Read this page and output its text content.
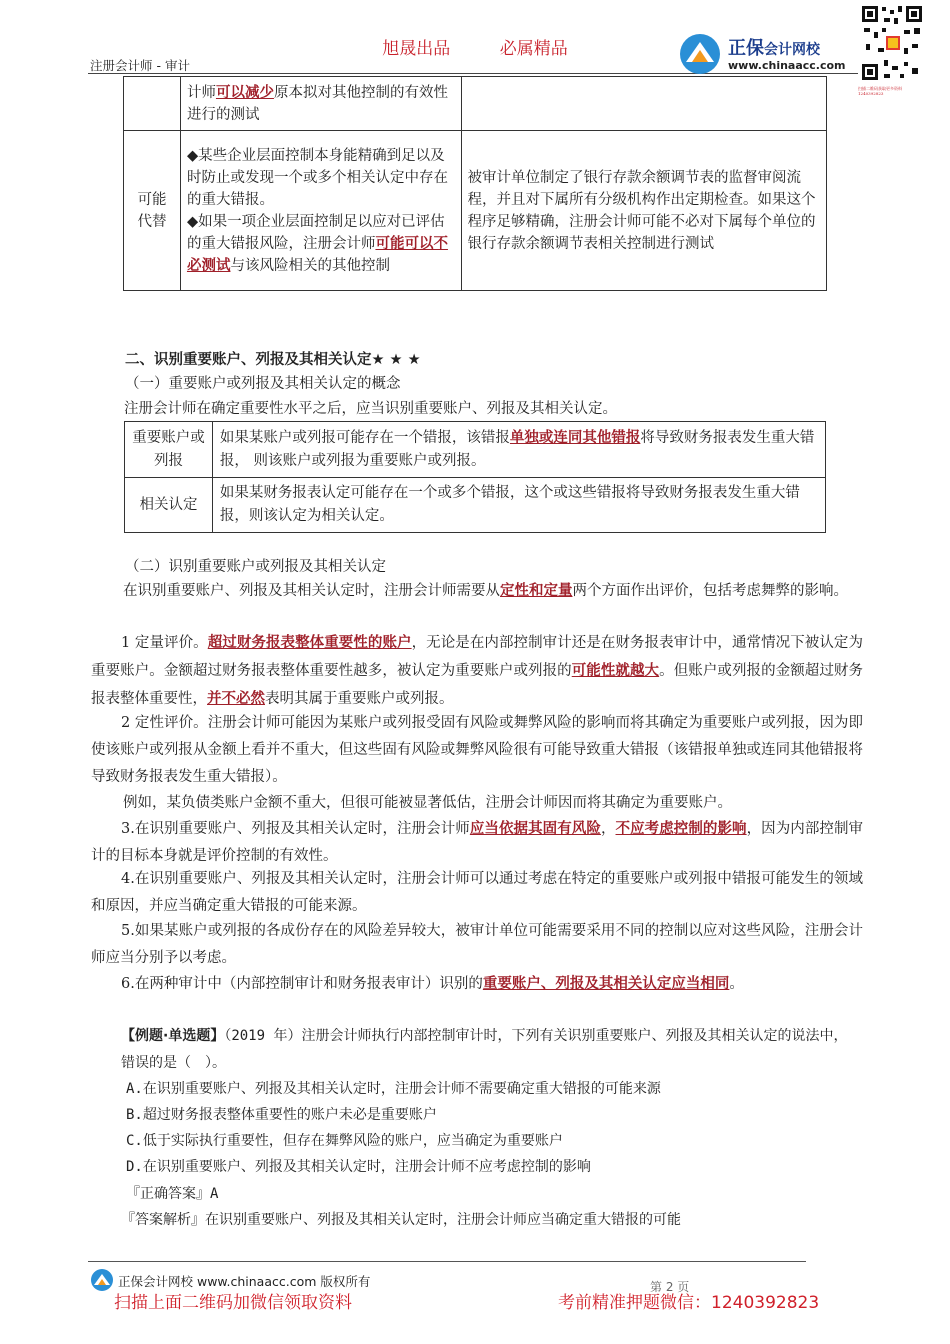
旭晟出品	必属精品
注册会计师 - 审计
正保会计网校
www.chinaacc.com
扫描二维码获取更多资料 1240392823
	计师可以减少原本拟对其他控制的有效性进行的测试	
可能代替	◆某些企业层面控制本身能精确到足以及时防止或发现一个或多个相关认定中存在的重大错报。
◆如果一项企业层面控制足以应对已评估的重大错报风险，注册会计师可能可以不必测试与该风险相关的其他控制	被审计单位制定了银行存款余额调节表的监督审阅流程，并且对下属所有分级机构作出定期检查。如果这个程序足够精确，注册会计师可能不必对下属每个单位的银行存款余额调节表相关控制进行测试
二、识别重要账户、列报及其相关认定★ ★ ★
（一）重要账户或列报及其相关认定的概念
注册会计师在确定重要性水平之后，应当识别重要账户、列报及其相关认定。
重要账户或列报	如果某账户或列报可能存在一个错报，该错报单独或连同其他错报将导致财务报表发生重大错报， 则该账户或列报为重要账户或列报。
相关认定	如果某财务报表认定可能存在一个或多个错报，这个或这些错报将导致财务报表发生重大错报，则该认定为相关认定。
（二）识别重要账户或列报及其相关认定
在识别重要账户、列报及其相关认定时，注册会计师需要从定性和定量两个方面作出评价，包括考虑舞弊的影响。
1 定量评价。超过财务报表整体重要性的账户，无论是在内部控制审计还是在财务报表审计中，通常情况下被认定为重要账户。金额超过财务报表整体重要性越多，被认定为重要账户或列报的可能性就越大。但账户或列报的金额超过财务报表整体重要性，并不必然表明其属于重要账户或列报。
2 定性评价。注册会计师可能因为某账户或列报受固有风险或舞弊风险的影响而将其确定为重要账户或列报，因为即使该账户或列报从金额上看并不重大，但这些固有风险或舞弊风险很有可能导致重大错报（该错报单独或连同其他错报将导致财务报表发生重大错报）。
例如，某负债类账户金额不重大，但很可能被显著低估，注册会计师因而将其确定为重要账户。
3.在识别重要账户、列报及其相关认定时，注册会计师应当依据其固有风险，不应考虑控制的影响，因为内部控制审计的目标本身就是评价控制的有效性。
4.在识别重要账户、列报及其相关认定时，注册会计师可以通过考虑在特定的重要账户或列报中错报可能发生的领域和原因，并应当确定重大错报的可能来源。
5.如果某账户或列报的各成份存在的风险差异较大，被审计单位可能需要采用不同的控制以应对这些风险，注册会计师应当分别予以考虑。
6.在两种审计中（内部控制审计和财务报表审计）识别的重要账户、列报及其相关认定应当相同。
【例题·单选题】（2019 年）注册会计师执行内部控制审计时，下列有关识别重要账户、列报及其相关认定的说法中，错误的是（　）。
A.在识别重要账户、列报及其相关认定时，注册会计师不需要确定重大错报的可能来源
B.超过财务报表整体重要性的账户未必是重要账户
C.低于实际执行重要性，但存在舞弊风险的账户，应当确定为重要账户
D.在识别重要账户、列报及其相关认定时，注册会计师不应考虑控制的影响
『正确答案』A
『答案解析』在识别重要账户、列报及其相关认定时，注册会计师应当确定重大错报的可能
正保会计网校 www.chinaacc.com 版权所有	第 2 页
扫描上面二维码加微信领取资料	考前精准押题微信：1240392823
